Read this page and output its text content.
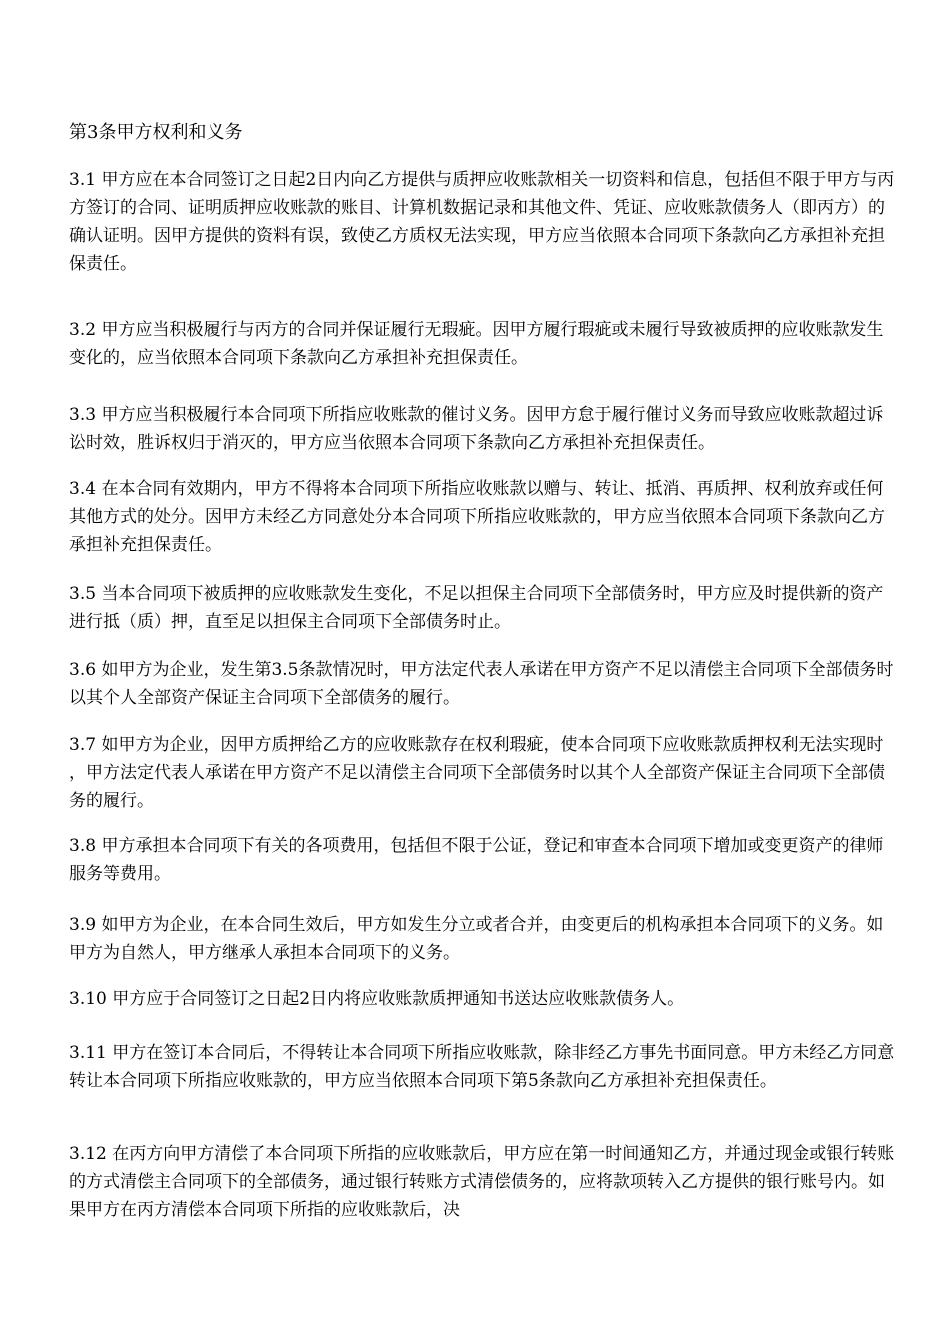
第3条甲方权利和义务
3.1 甲方应在本合同签订之日起2日内向乙方提供与质押应收账款相关一切资料和信息，包括但不限于甲方与丙方签订的合同、证明质押应收账款的账目、计算机数据记录和其他文件、凭证、应收账款债务人（即丙方）的确认证明。因甲方提供的资料有误，致使乙方质权无法实现，甲方应当依照本合同项下条款向乙方承担补充担保责任。
3.2 甲方应当积极履行与丙方的合同并保证履行无瑕疵。因甲方履行瑕疵或未履行导致被质押的应收账款发生变化的，应当依照本合同项下条款向乙方承担补充担保责任。
3.3 甲方应当积极履行本合同项下所指应收账款的催讨义务。因甲方怠于履行催讨义务而导致应收账款超过诉讼时效，胜诉权归于消灭的，甲方应当依照本合同项下条款向乙方承担补充担保责任。
3.4 在本合同有效期内，甲方不得将本合同项下所指应收账款以赠与、转让、抵消、再质押、权利放弃或任何其他方式的处分。因甲方未经乙方同意处分本合同项下所指应收账款的，甲方应当依照本合同项下条款向乙方承担补充担保责任。
3.5 当本合同项下被质押的应收账款发生变化，不足以担保主合同项下全部债务时，甲方应及时提供新的资产进行抵（质）押，直至足以担保主合同项下全部债务时止。
3.6 如甲方为企业，发生第3.5条款情况时，甲方法定代表人承诺在甲方资产不足以清偿主合同项下全部债务时以其个人全部资产保证主合同项下全部债务的履行。
3.7 如甲方为企业，因甲方质押给乙方的应收账款存在权利瑕疵，使本合同项下应收账款质押权利无法实现时，甲方法定代表人承诺在甲方资产不足以清偿主合同项下全部债务时以其个人全部资产保证主合同项下全部债务的履行。
3.8 甲方承担本合同项下有关的各项费用，包括但不限于公证，登记和审查本合同项下增加或变更资产的律师服务等费用。
3.9 如甲方为企业，在本合同生效后，甲方如发生分立或者合并，由变更后的机构承担本合同项下的义务。如甲方为自然人，甲方继承人承担本合同项下的义务。
3.10 甲方应于合同签订之日起2日内将应收账款质押通知书送达应收账款债务人。
3.11 甲方在签订本合同后，不得转让本合同项下所指应收账款，除非经乙方事先书面同意。甲方未经乙方同意转让本合同项下所指应收账款的，甲方应当依照本合同项下第5条款向乙方承担补充担保责任。
3.12 在丙方向甲方清偿了本合同项下所指的应收账款后，甲方应在第一时间通知乙方，并通过现金或银行转账的方式清偿主合同项下的全部债务，通过银行转账方式清偿债务的，应将款项转入乙方提供的银行账号内。如果甲方在丙方清偿本合同项下所指的应收账款后，决
